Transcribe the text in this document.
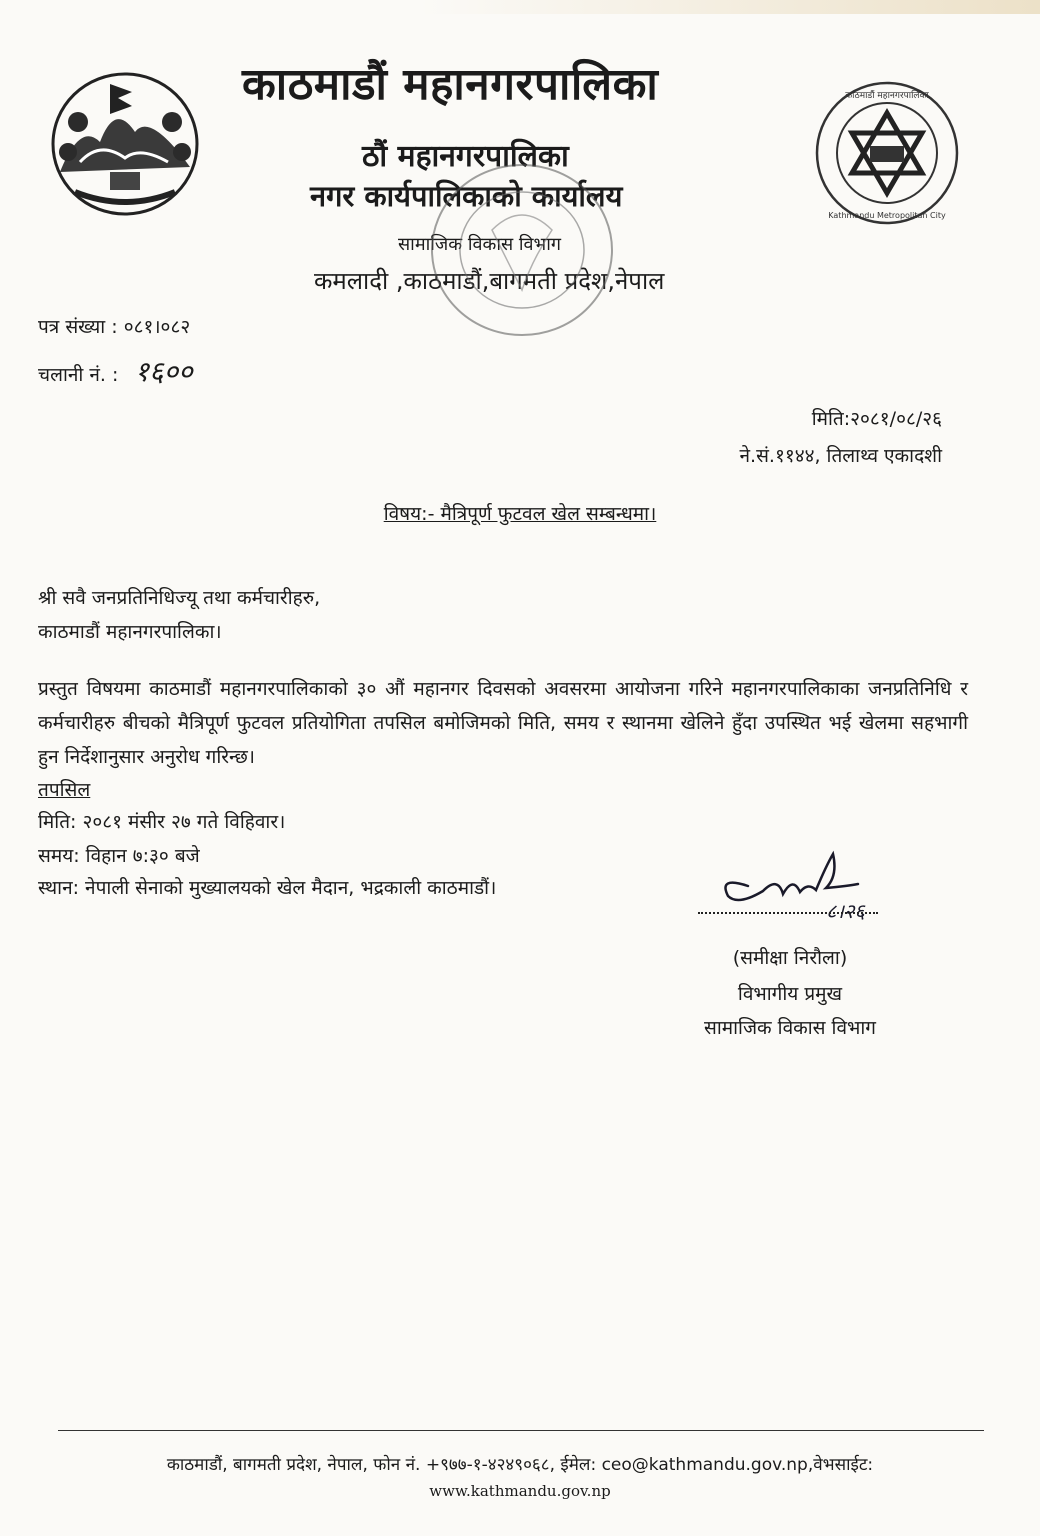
काठमाडौं महानगरपालिका
Kathmandu Metropolitan City
काठमाडौं महानगरपालिका
ठौं महानगरपालिका
नगर कार्यपालिकाको कार्यालय
सामाजिक विकास विभाग
कमलादी ,काठमाडौं,बागमती प्रदेश,नेपाल
पत्र संख्या : ०८१।०८२
चलानी नं. : १६००
मिति:२०८१/०८/२६
ने.सं.११४४, तिलाथ्व एकादशी
विषय:- मैत्रिपूर्ण फुटवल खेल सम्बन्धमा।
श्री सवै जनप्रतिनिधिज्यू तथा कर्मचारीहरु,
काठमाडौं महानगरपालिका।
प्रस्तुत विषयमा काठमाडौं महानगरपालिकाको ३० औं महानगर दिवसको अवसरमा आयोजना गरिने महानगरपालिकाका जनप्रतिनिधि र कर्मचारीहरु बीचको मैत्रिपूर्ण फुटवल प्रतियोगिता तपसिल बमोजिमको मिति, समय र स्थानमा खेलिने हुँदा उपस्थित भई खेलमा सहभागी हुन निर्देशानुसार अनुरोध गरिन्छ।
तपसिल
मिति: २०८१ मंसीर २७ गते विहिवार।
समय: विहान ७:३० बजे
स्थान: नेपाली सेनाको मुख्यालयको खेल मैदान, भद्रकाली काठमाडौं।
८।२६
(समीक्षा निरौला)
विभागीय प्रमुख
सामाजिक विकास विभाग
काठमाडौं, बागमती प्रदेश, नेपाल, फोन नं. +९७७-१-४२४९०६८, ईमेल: ceo@kathmandu.gov.np,वेभसाईट:
www.kathmandu.gov.np
